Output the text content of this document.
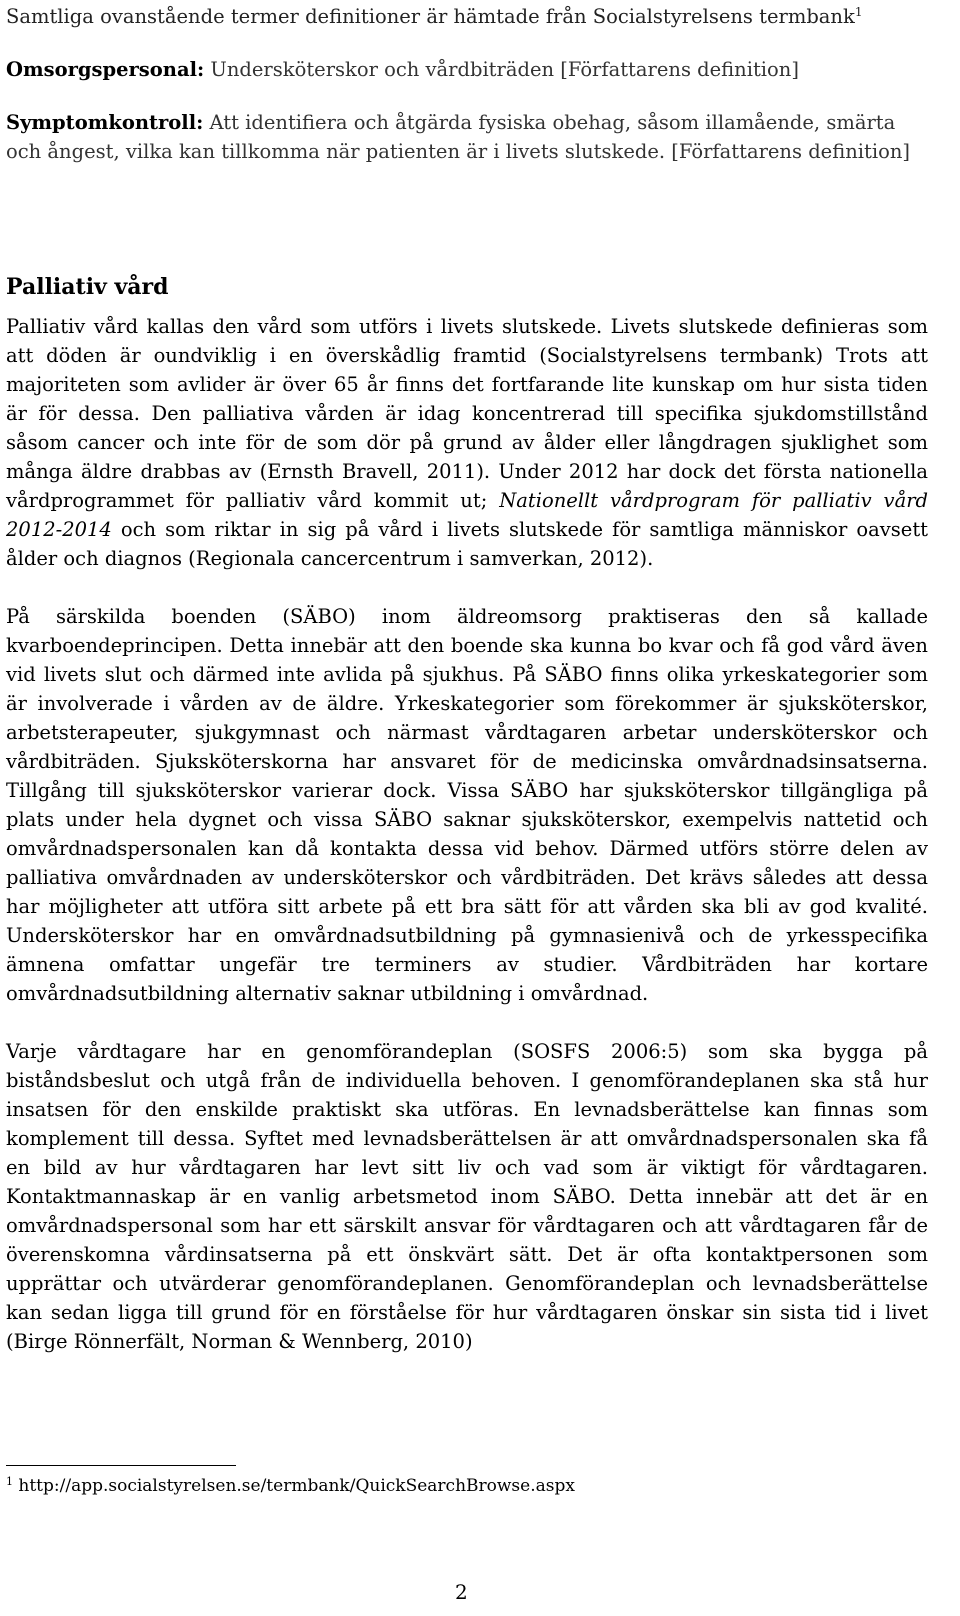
Samtliga ovanstående termer definitioner är hämtade från Socialstyrelsens termbank$^1$

Omsorgspersonal: Undersköterskor och vårdbiträden [Författarens definition]

Symptomkontroll: Att identifiera och åtgärda fysiska obehag, såsom illamående, smärta och ångest, vilka kan tillkomma när patienten är i livets slutskede. [Författarens definition]

Palliativ vård

Palliativ vård kallas den vård som utförs i livets slutskede. Livets slutskede definieras som att döden är oundviklig i en överskådlig framtid (Socialstyrelsens termbank) Trots att majoriteten som avlider är över 65 år finns det fortfarande lite kunskap om hur sista tiden är för dessa. Den palliativa vården är idag koncentrerad till specifika sjukdomstillstånd såsom cancer och inte för de som dör på grund av ålder eller långdragen sjuklighet som många äldre drabbas av (Ernsth Bravell, 2011). Under 2012 har dock det första nationella vårdprogrammet för palliativ vård kommit ut; Nationellt vårdprogram för palliativ vård 2012-2014 och som riktar in sig på vård i livets slutskede för samtliga människor oavsett ålder och diagnos (Regionala cancercentrum i samverkan, 2012).

På särskilda boenden (SÄBO) inom äldreomsorg praktiseras den så kallade kvarboendeprincipen. Detta innebär att den boende ska kunna bo kvar och få god vård även vid livets slut och därmed inte avlida på sjukhus. På SÄBO finns olika yrkeskategorier som är involverade i vården av de äldre. Yrkeskategorier som förekommer är sjuksköterskor, arbetsterapeuter, sjukgymnast och närmast vårdtagaren arbetar undersköterskor och vårdbiträden. Sjuksköterskorna har ansvaret för de medicinska omvårdnadsinsatserna. Tillgång till sjuksköterskor varierar dock. Vissa SÄBO har sjuksköterskor tillgängliga på plats under hela dygnet och vissa SÄBO saknar sjuksköterskor, exempelvis nattetid och omvårdnadspersonalen kan då kontakta dessa vid behov. Därmed utförs större delen av palliativa omvårdnaden av undersköterskor och vårdbiträden. Det krävs således att dessa har möjligheter att utföra sitt arbete på ett bra sätt för att vården ska bli av god kvalité. Undersköterskor har en omvårdnadsutbildning på gymnasienivå och de yrkesspecifika ämnena omfattar ungefär tre terminers av studier. Vårdbiträden har kortare omvårdnadsutbildning alternativ saknar utbildning i omvårdnad.

Varje vårdtagare har en genomförandeplan (SOSFS 2006:5) som ska bygga på biståndsbeslut och utgå från de individuella behoven. I genomförandeplanen ska stå hur insatsen för den enskilde praktiskt ska utföras. En levnadsberättelse kan finnas som komplement till dessa. Syftet med levnadsberättelsen är att omvårdnadspersonalen ska få en bild av hur vårdtagaren har levt sitt liv och vad som är viktigt för vårdtagaren. Kontaktmannaskap är en vanlig arbetsmetod inom SÄBO. Detta innebär att det är en omvårdnadspersonal som har ett särskilt ansvar för vårdtagaren och att vårdtagaren får de överenskomna vårdinsatserna på ett önskvärt sätt. Det är ofta kontaktpersonen som upprättar och utvärderar genomförandeplanen. Genomförandeplan och levnadsberättelse kan sedan ligga till grund för en förståelse för hur vårdtagaren önskar sin sista tid i livet (Birge Rönnerfält, Norman & Wennberg, 2010)

$^1$ http://app.socialstyrelsen.se/termbank/QuickSearchBrowse.aspx

2
